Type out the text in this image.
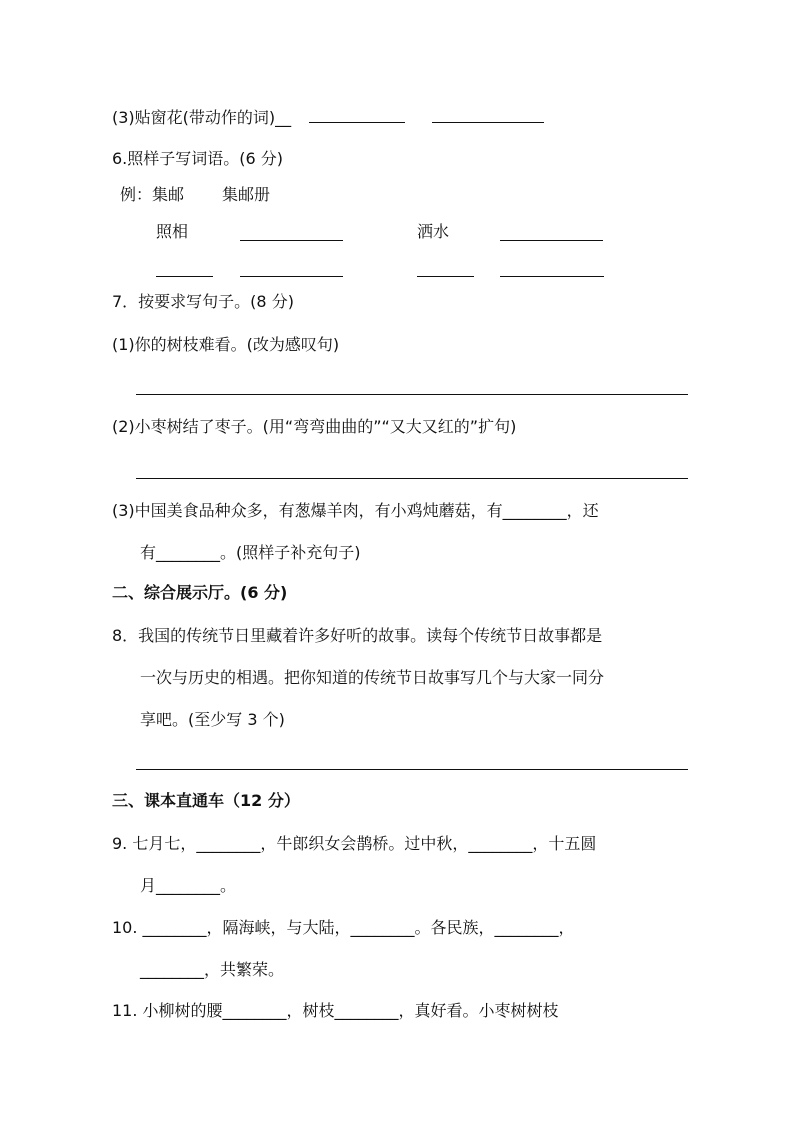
(3)贴窗花(带动作的词)__
6.照样子写词语。(6 分)
例：集邮 集邮册
照相	洒水
7．按要求写句子。(8 分)
(1)你的树枝难看。(改为感叹句)
(2)小枣树结了枣子。(用“弯弯曲曲的”“又大又红的”扩句)
(3)中国美食品种众多，有葱爆羊肉，有小鸡炖蘑菇，有________，还
有________。(照样子补充句子)
二、综合展示厅。(6 分)
8．我国的传统节日里藏着许多好听的故事。读每个传统节日故事都是
一次与历史的相遇。把你知道的传统节日故事写几个与大家一同分
享吧。(至少写 3 个)
三、课本直通车（12 分）
9. 七月七，________，牛郎织女会鹊桥。过中秋，________，十五圆
月________。
10. ________，隔海峡，与大陆，________。各民族，________，
________，共繁荣。
11. 小柳树的腰________，树枝________，真好看。小枣树树枝
